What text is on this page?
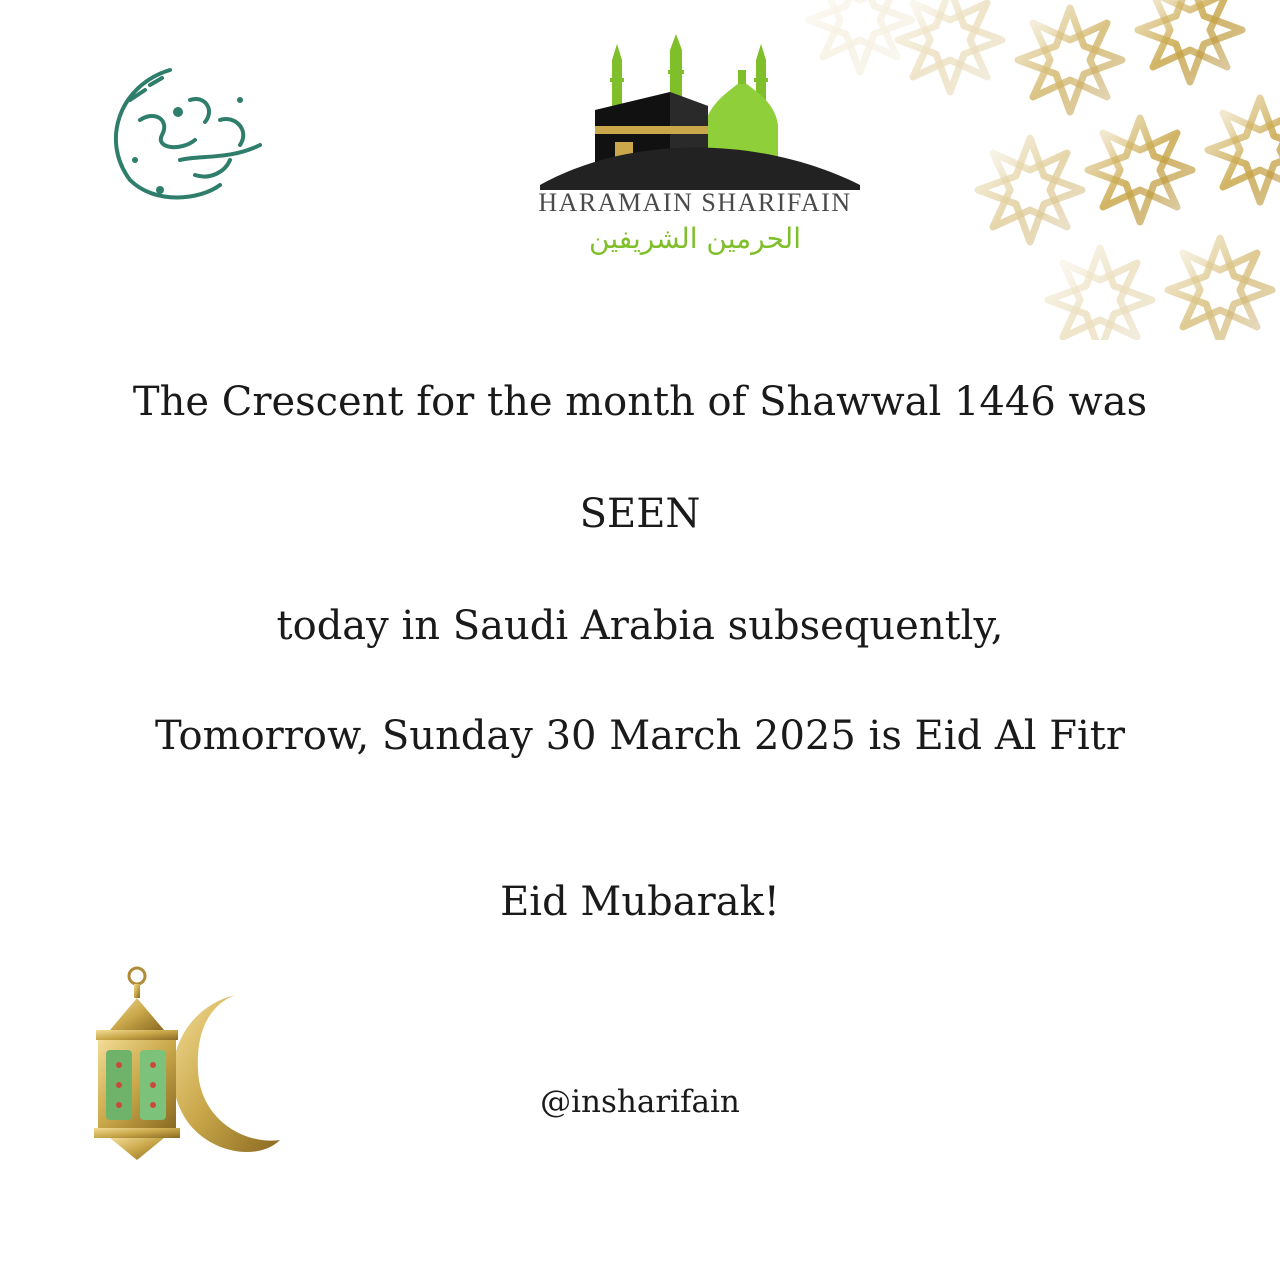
HARAMAIN SHARIFAIN
الحرمين الشريفين
The Crescent for the month of Shawwal 1446 was
SEEN
today in Saudi Arabia subsequently,
Tomorrow, Sunday 30 March 2025 is Eid Al Fitr
Eid Mubarak!
@insharifain
